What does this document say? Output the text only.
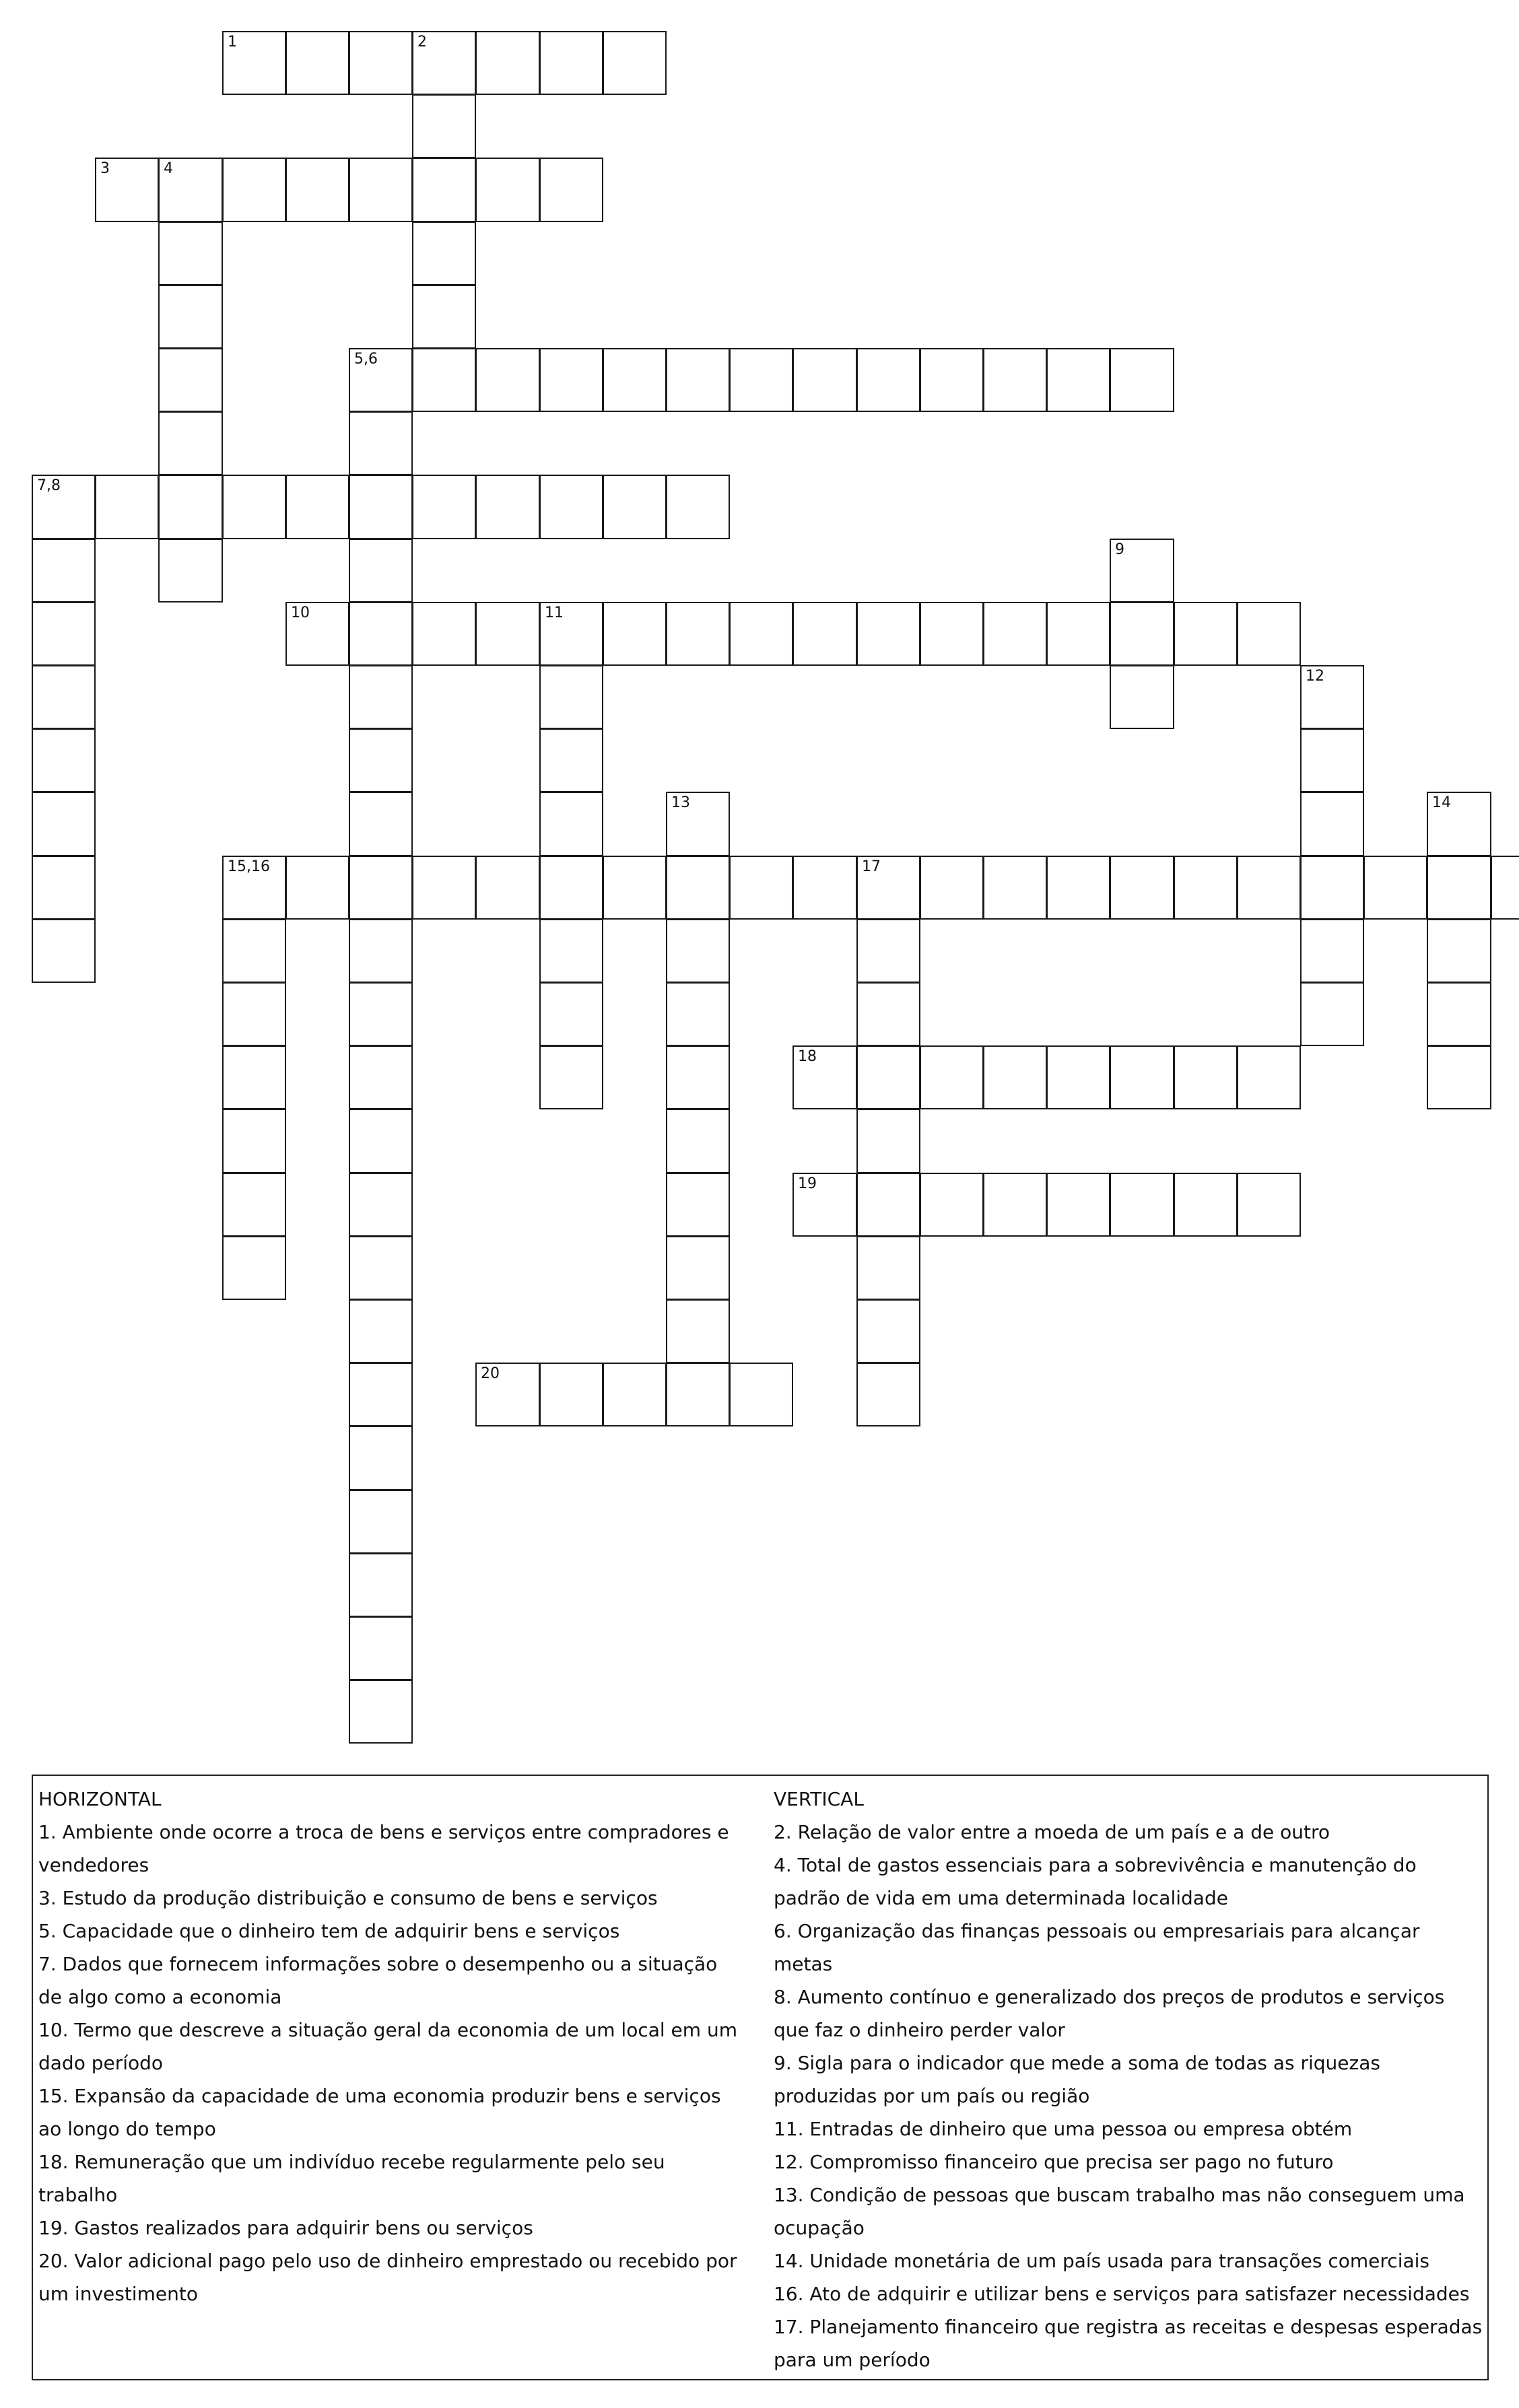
1	2
3	4
5,6
7,8
9
10	11
12
13	14
15,16	17
18
19
20
HORIZONTAL
1. Ambiente onde ocorre a troca de bens e serviços entre compradores e vendedores
3. Estudo da produção distribuição e consumo de bens e serviços
5. Capacidade que o dinheiro tem de adquirir bens e serviços
7. Dados que fornecem informações sobre o desempenho ou a situação de algo como a economia
10. Termo que descreve a situação geral da economia de um local em um dado período
15. Expansão da capacidade de uma economia produzir bens e serviços ao longo do tempo
18. Remuneração que um indivíduo recebe regularmente pelo seu trabalho
19. Gastos realizados para adquirir bens ou serviços
20. Valor adicional pago pelo uso de dinheiro emprestado ou recebido por um investimento
VERTICAL
2. Relação de valor entre a moeda de um país e a de outro
4. Total de gastos essenciais para a sobrevivência e manutenção do padrão de vida em uma determinada localidade
6. Organização das finanças pessoais ou empresariais para alcançar metas
8. Aumento contínuo e generalizado dos preços de produtos e serviços que faz o dinheiro perder valor
9. Sigla para o indicador que mede a soma de todas as riquezas produzidas por um país ou região
11. Entradas de dinheiro que uma pessoa ou empresa obtém
12. Compromisso financeiro que precisa ser pago no futuro
13. Condição de pessoas que buscam trabalho mas não conseguem uma ocupação
14. Unidade monetária de um país usada para transações comerciais
16. Ato de adquirir e utilizar bens e serviços para satisfazer necessidades
17. Planejamento financeiro que registra as receitas e despesas esperadas para um período
